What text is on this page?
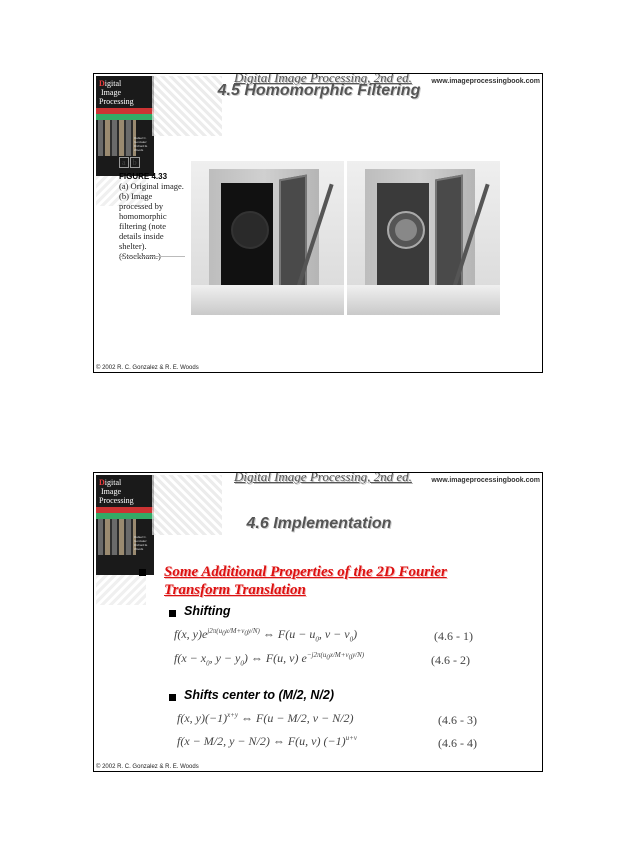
Digital
Image
Processing
Rafael C. Gonzalez Richard E. Woods
Digital Image Processing, 2nd ed.	www.imageprocessingbook.com
4.5 Homomorphic Filtering
a b
FIGURE 4.33
(a) Original image. (b) Image processed by homomorphic filtering (note details inside shelter). (Stockham.)
© 2002 R. C. Gonzalez & R. E. Woods
Digital
Image
Processing
Rafael C. Gonzalez Richard E. Woods
Digital Image Processing, 2nd ed.	www.imageprocessingbook.com
4.6 Implementation
Some Additional Properties of the 2D Fourier
Transform Translation
Shifting
f(x, $y)e^{j2\pi(u_0x/M+v_0y/N)}$ ⇔ $F(u - u_0$, $v - v_0$)	(4.6 - 1)
$f(x - x_0$, $y - y_0$) ⇔ F(u, v) $e^{-j2\pi(u_0x/M+v_0y/N)}$	(4.6 - 2)
Shifts center to (M/2, N/2)
f(x, $y)(-1)^{x+y}$ ⇔ F(u − M/2, v − N/2)	(4.6 - 3)
f(x − M/2, y − N/2) ⇔ F(u, v) $(-1)^{u+v}$	(4.6 - 4)
© 2002 R. C. Gonzalez & R. E. Woods
